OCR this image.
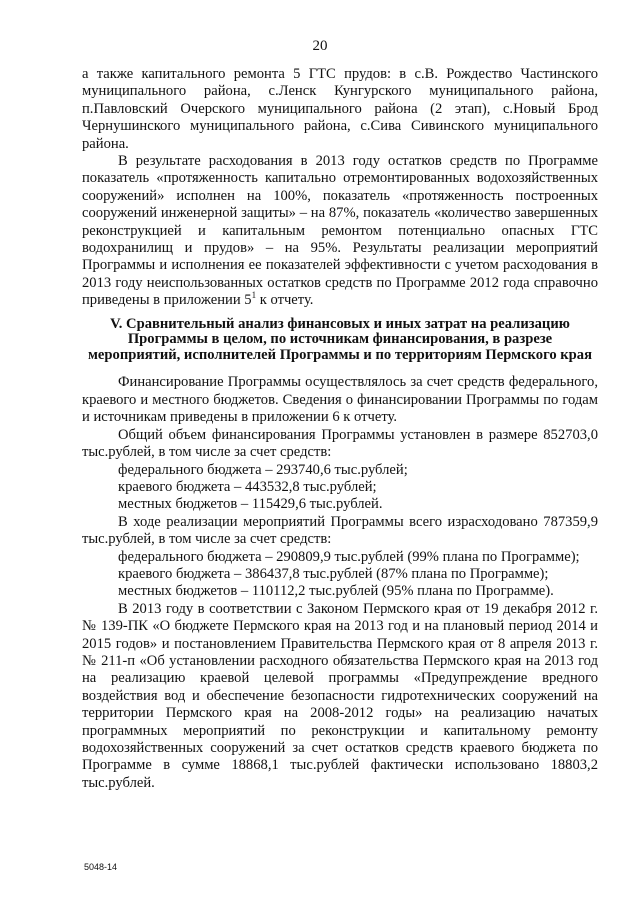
20

а также капитального ремонта 5 ГТС прудов: в с.В. Рождество Частинского муниципального района, с.Ленск Кунгурского муниципального района, п.Павловский Очерского муниципального района (2 этап), с.Новый Брод Чернушинского муниципального района, с.Сива Сивинского муниципального района.

В результате расходования в 2013 году остатков средств по Программе показатель «протяженность капитально отремонтированных водохозяйственных сооружений» исполнен на 100%, показатель «протяженность построенных сооружений инженерной защиты» – на 87%, показатель «количество завершенных реконструкцией и капитальным ремонтом потенциально опасных ГТС водохранилищ и прудов» – на 95%. Результаты реализации мероприятий Программы и исполнения ее показателей эффективности с учетом расходования в 2013 году неиспользованных остатков средств по Программе 2012 года справочно приведены в приложении $5^1$ к отчету.

V. Сравнительный анализ финансовых и иных затрат на реализацию Программы в целом, по источникам финансирования, в разрезе мероприятий, исполнителей Программы и по территориям Пермского края

Финансирование Программы осуществлялось за счет средств федерального, краевого и местного бюджетов. Сведения о финансировании Программы по годам и источникам приведены в приложении 6 к отчету.

Общий объем финансирования Программы установлен в размере 852703,0 тыс.рублей, в том числе за счет средств:

федерального бюджета – 293740,6 тыс.рублей;
краевого бюджета – 443532,8 тыс.рублей;
местных бюджетов – 115429,6 тыс.рублей.

В ходе реализации мероприятий Программы всего израсходовано 787359,9 тыс.рублей, в том числе за счет средств:

федерального бюджета – 290809,9 тыс.рублей (99% плана по Программе);

краевого бюджета – 386437,8 тыс.рублей (87% плана по Программе);
местных бюджетов – 110112,2 тыс.рублей (95% плана по Программе).

В 2013 году в соответствии с Законом Пермского края от 19 декабря 2012 г. № 139-ПК «О бюджете Пермского края на 2013 год и на плановый период 2014 и 2015 годов» и постановлением Правительства Пермского края от 8 апреля 2013 г. № 211-п «Об установлении расходного обязательства Пермского края на 2013 год на реализацию краевой целевой программы «Предупреждение вредного воздействия вод и обеспечение безопасности гидротехнических сооружений на территории Пермского края на 2008-2012 годы» на реализацию начатых программных мероприятий по реконструкции и капитальному ремонту водохозяйственных сооружений за счет остатков средств краевого бюджета по Программе в сумме 18868,1 тыс.рублей фактически использовано 18803,2 тыс.рублей.

5048-14
